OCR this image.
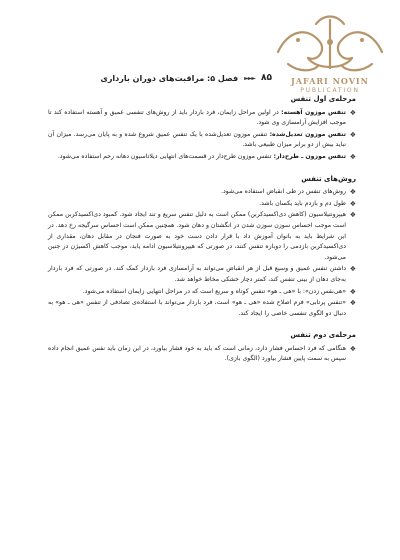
JAFARI NOVIN
PUBLICATION
۸۵
►►►
فصل ۵: مراقبت‌های دوران بارداری
مرحله‌ی اول تنفس
❖
تنفس موزون آهسته: در اولین مراحل زایمان، فرد باردار باید از روش‌های تنفسی عمیق و آهسته استفاده کند تا موجب افزایش آرامسازی وی شود.
❖
تنفس موزون تعدیل‌شده: تنفس موزون تعدیل‌شده با یک تنفس عمیق شروع شده و به پایان می‌رسد. میزان آن نباید بیش از دو برابر میزان طبیعی باشد.
❖
تنفس موزون ـ طرح‌دار: تنفس موزون طرح‌دار در قسمت‌های انتهایی دیلاتاسیون دهانه رحم استفاده می‌شود.
روش‌های تنفس
❖
روش‌های تنفس در طی انقباض استفاده می‌شود.
❖
طول دم و بازدم باید یکسان باشد.
❖
هیپرونتیلاسیون (کاهش دی‌اکسیدکربن) ممکن است به دلیل تنفس سریع و تند ایجاد شود. کمبود دی‌اکسیدکربن ممکن است موجب احساس سوزن سوزن شدن در انگشتان و دهان شود. همچنین ممکن است احساس سرگیجه رخ دهد. در این شرایط باید به بانوان آموزش داد با قرار دادن دست خود به صورت فنجان در مقابل دهان، مقداری از دی‌اکسیدکربن بازدمی را دوباره تنفس کنند، در صورتی که هیپرونتیلاسیون ادامه یابد، موجب کاهش اکسیژن در جنین می‌شود.
❖
داشتن تنفس عمیق و وسیع قبل از هر انقباض می‌تواند به آرامسازی فرد باردار کمک کند. در صورتی که فرد باردار به‌جای دهان از بینی تنفس کند، کمتر دچار خشکی مخاط خواهد شد.
❖
«هی‌نفس زدن»: با «هی ـ هو» تنفس کوتاه و سریع است که در مراحل انتهایی زایمان استفاده می‌شود.
❖
«تنفس پرتابی» فرم اصلاح شده «هی ـ هو» است، فرد باردار می‌تواند با استفاده‌ی تصادفی از تنفس «هی ـ هو» به دنبال دو الگوی تنفسی خاصی را ایجاد کند.
مرحله‌ی دوم تنفس
❖
هنگامی که فرد احساس فشار دارد، زمانی است که باید به خود فشار بیاورد، در این زمان باید نفس عمیق انجام داده سپس به سمت پایین فشار بیاورد (الگوی بازی).
